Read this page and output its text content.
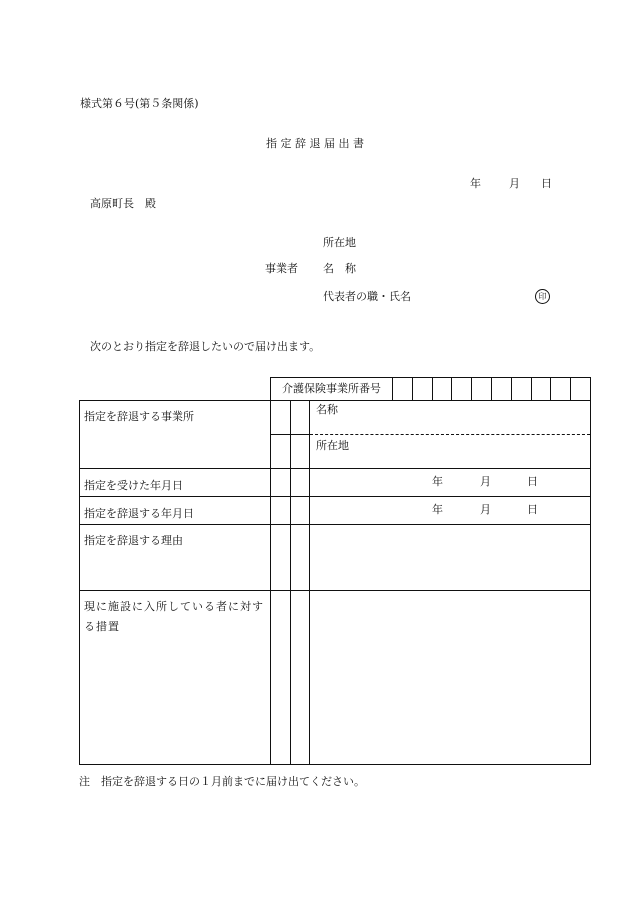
様式第６号(第５条関係)
指 定 辞 退 届 出 書
年	月 日
高原町長　殿
所在地
事業者 名　称
代表者の職・氏名	印
次のとおり指定を辞退したいので届け出ます。
介護保険事業所番号
指定を辞退する事業所
名称
所在地
指定を受けた年月日	年	月	日
指定を辞退する年月日	年	月	日
指定を辞退する理由
現に施設に入所している者に対する措置
注　指定を辞退する日の１月前までに届け出てください。
